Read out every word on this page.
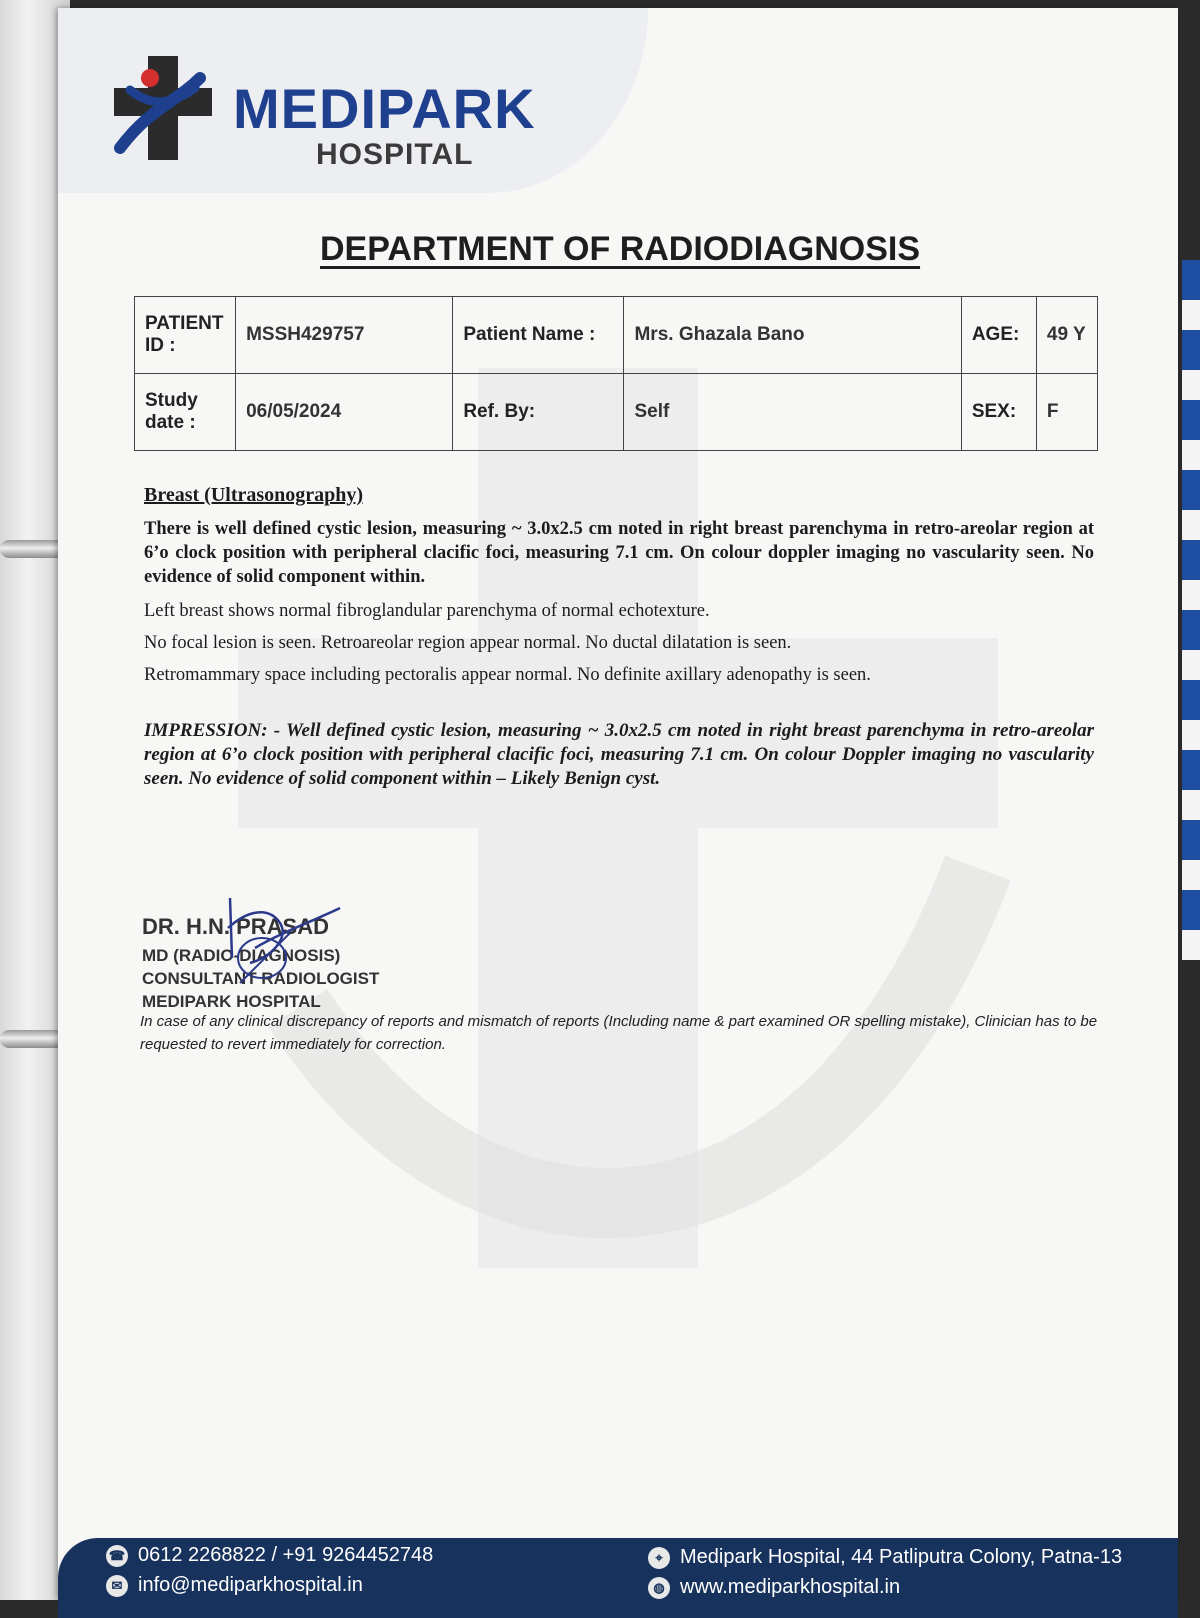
MEDIPARK
HOSPITAL
DEPARTMENT OF RADIODIAGNOSIS
PATIENT ID :	MSSH429757	Patient Name :	Mrs. Ghazala Bano	AGE:	49 Y
Study date :	06/05/2024	Ref. By:	Self	SEX:	F

Breast (Ultrasonography)

There is well defined cystic lesion, measuring ~ 3.0x2.5 cm noted in right breast parenchyma in retro-areolar region at 6’o clock position with peripheral clacific foci, measuring 7.1 cm. On colour doppler imaging no vascularity seen. No evidence of solid component within.

Left breast shows normal fibroglandular parenchyma of normal echotexture.

No focal lesion is seen. Retroareolar region appear normal. No ductal dilatation is seen.

Retromammary space including pectoralis appear normal. No definite axillary adenopathy is seen.

IMPRESSION: - Well defined cystic lesion, measuring ~ 3.0x2.5 cm noted in right breast parenchyma in retro-areolar region at 6’o clock position with peripheral clacific foci, measuring 7.1 cm. On colour Doppler imaging no vascularity seen. No evidence of solid component within – Likely Benign cyst.

DR. H.N. PRASAD
MD (RADIO-DIAGNOSIS)
CONSULTANT RADIOLOGIST
MEDIPARK HOSPITAL
In case of any clinical discrepancy of reports and mismatch of reports (Including name & part examined OR spelling mistake), Clinician has to be requested to revert immediately for correction.
☎ 0612 2268822 / +91 9264452748
✉ info@mediparkhospital.in
⌖ Medipark Hospital, 44 Patliputra Colony, Patna-13
◍ www.mediparkhospital.in
